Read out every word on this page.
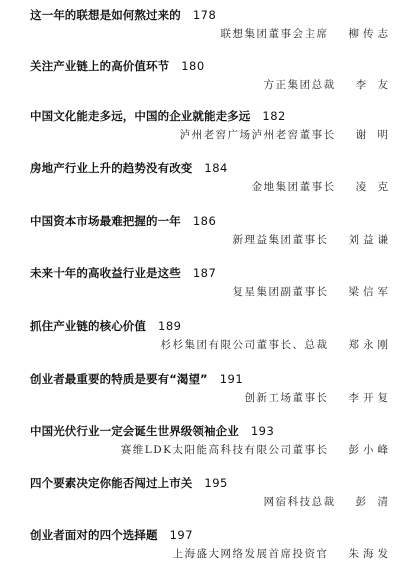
这一年的联想是如何熬过来的 178
联想集团董事会主席 柳传志
关注产业链上的高价值环节 180
方正集团总裁 李 友
中国文化能走多远，中国的企业就能走多远 182
泸州老窖广场泸州老窖董事长 谢 明
房地产行业上升的趋势没有改变 184
金地集团董事长 凌 克
中国资本市场最难把握的一年 186
新理益集团董事长 刘益谦
未来十年的高收益行业是这些 187
复星集团副董事长 梁信军
抓住产业链的核心价值 189
杉杉集团有限公司董事长、总裁 郑永刚
创业者最重要的特质是要有“渴望” 191
创新工场董事长 李开复
中国光伏行业一定会诞生世界级领袖企业 193
赛维LDK太阳能高科技有限公司董事长 彭小峰
四个要素决定你能否闯过上市关 195
网宿科技总裁 彭 清
创业者面对的四个选择题 197
上海盛大网络发展首席投资官 朱海发
